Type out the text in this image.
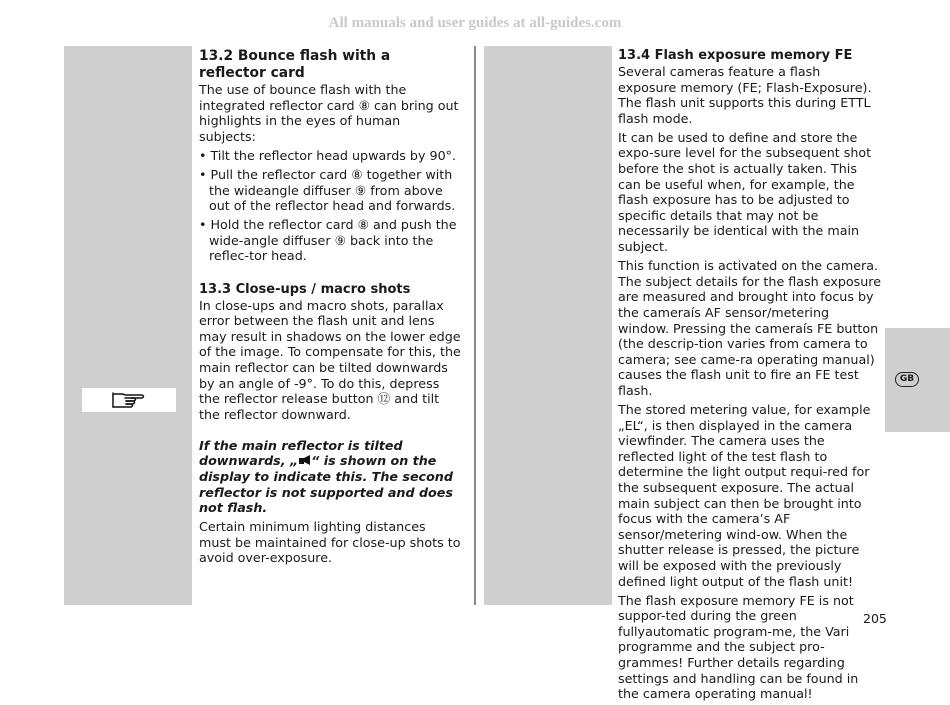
All manuals and user guides at all-guides.com
GB
13.2 Bounce flash with a reflector card

The use of bounce flash with the integrated reflector card ⑧ can bring out highlights in the eyes of human subjects:

• Tilt the reflector head upwards by 90°.

• Pull the reflector card ⑧ together with the wideangle diffuser ⑨ from above out of the reflector head and forwards.

• Hold the reflector card ⑧ and push the wide-angle diffuser ⑨ back into the reflec-tor head.

13.3 Close-ups / macro shots

In close-ups and macro shots, parallax error between the flash unit and lens may result in shadows on the lower edge of the image. To compensate for this, the main reflector can be tilted downwards by an angle of -9°. To do this, depress the reflector release button ⑫ and tilt the reflector downward.

If the main reflector is tilted downwards, „ “ is shown on the display to indicate this. The second reflector is not supported and does not flash.

Certain minimum lighting distances must be maintained for close-up shots to avoid over-exposure.

13.4 Flash exposure memory FE

Several cameras feature a flash exposure memory (FE; Flash-Exposure). The flash unit supports this during ETTL flash mode.

It can be used to define and store the expo-sure level for the subsequent shot before the shot is actually taken. This can be useful when, for example, the flash exposure has to be adjusted to specific details that may not be necessarily be identical with the main subject.

This function is activated on the camera. The subject details for the flash exposure are measured and brought into focus by the cameraís AF sensor/metering window. Pressing the cameraís FE button (the descrip-tion varies from camera to camera; see came-ra operating manual) causes the flash unit to fire an FE test flash.

The stored metering value, for example „EL“, is then displayed in the camera viewfinder. The camera uses the reflected light of the test flash to determine the light output requi-red for the subsequent exposure. The actual main subject can then be brought into focus with the camera’s AF sensor/metering wind-ow. When the shutter release is pressed, the picture will be exposed with the previously defined light output of the flash unit!

The flash exposure memory FE is not suppor-ted during the green fullyautomatic program-me, the Vari programme and the subject pro-grammes! Further details regarding settings and handling can be found in the camera operating manual!

205
